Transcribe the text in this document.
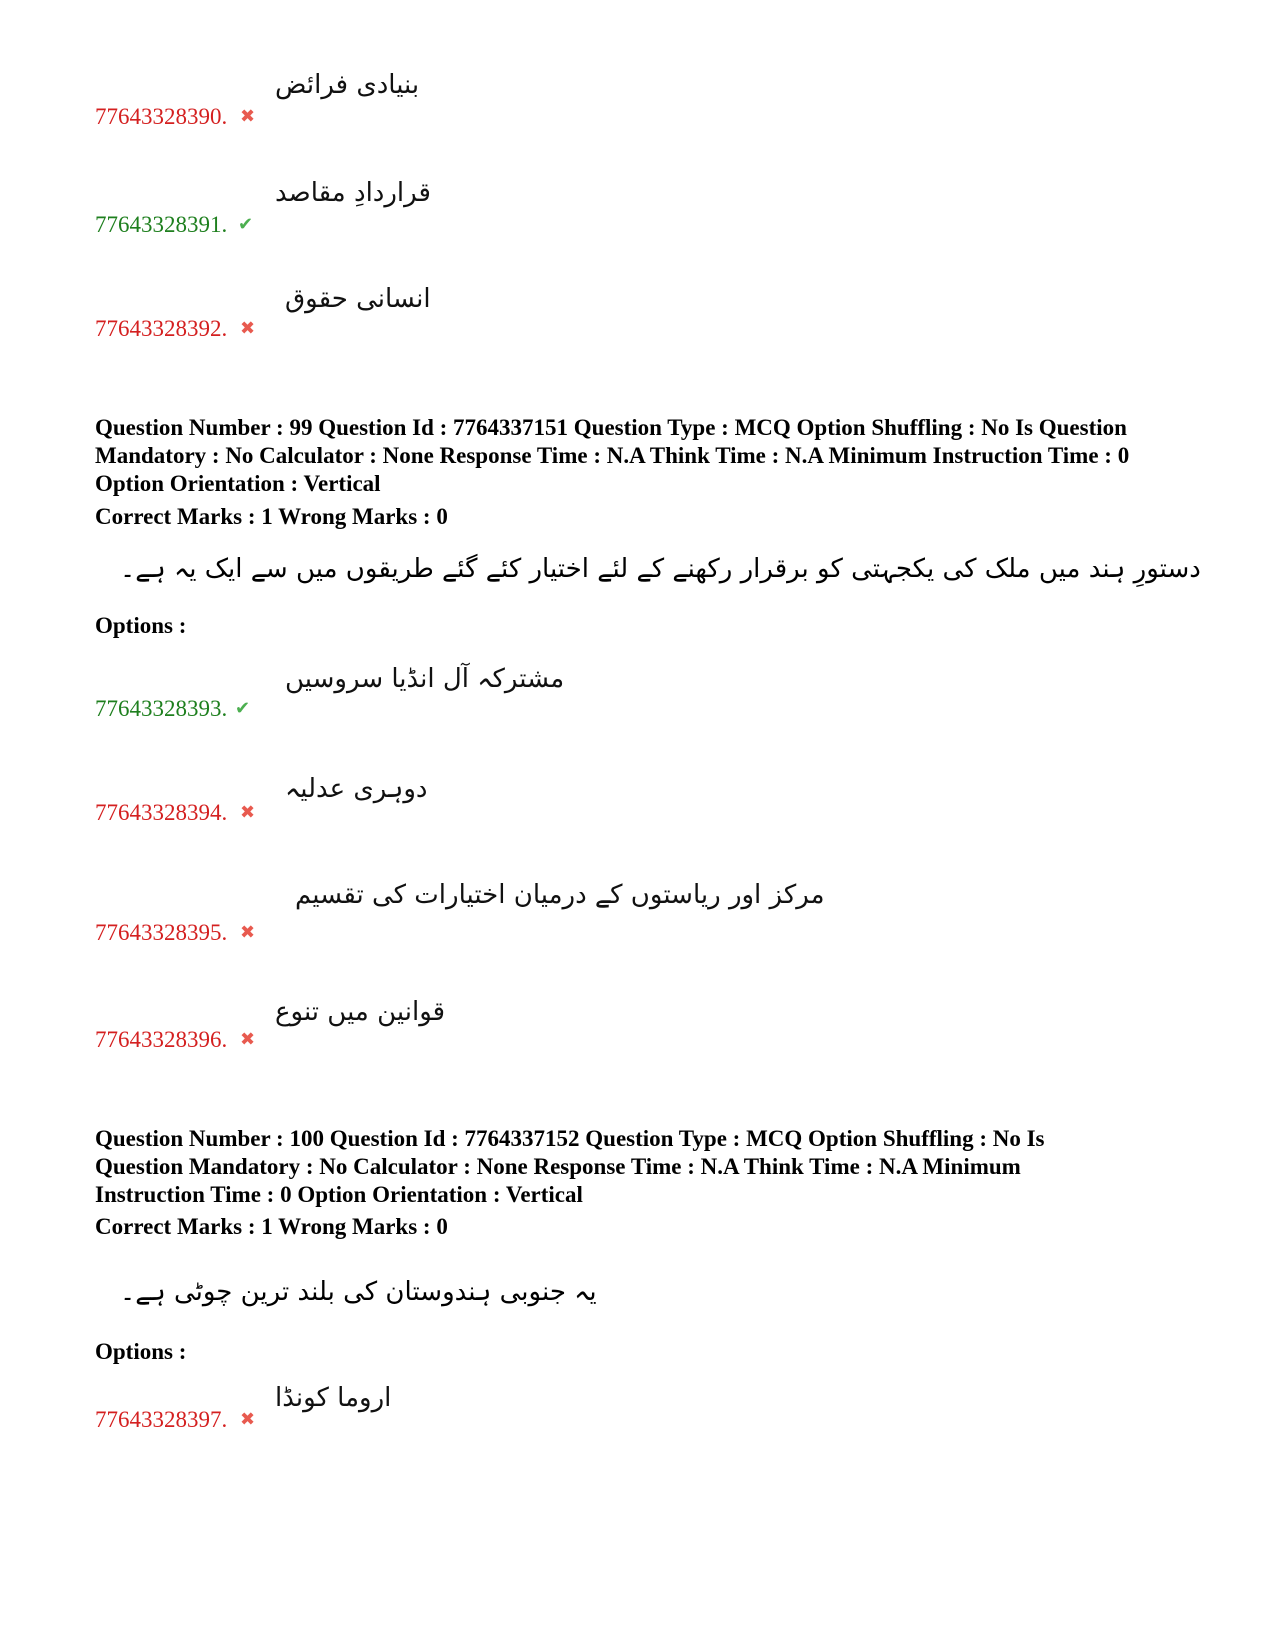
77643328390. ✖
بنیادی فرائض
77643328391. ✔
قراردادِ مقاصد
77643328392. ✖
انسانی حقوق
Question Number : 99 Question Id : 7764337151 Question Type : MCQ Option Shuffling : No Is Question Mandatory : No Calculator : None Response Time : N.A Think Time : N.A Minimum Instruction Time : 0 Option Orientation : Vertical
Correct Marks : 1 Wrong Marks : 0
دستورِ ہند میں ملک کی یکجہتی کو برقرار رکھنے کے لئے اختیار کئے گئے طریقوں میں سے ایک یہ ہے۔
Options :
77643328393. ✔
مشترکہ آل انڈیا سروسیں
77643328394. ✖
دوہری عدلیہ
77643328395. ✖
مرکز اور ریاستوں کے درمیان اختیارات کی تقسیم
77643328396. ✖
قوانین میں تنوع
Question Number : 100 Question Id : 7764337152 Question Type : MCQ Option Shuffling : No Is Question Mandatory : No Calculator : None Response Time : N.A Think Time : N.A Minimum Instruction Time : 0 Option Orientation : Vertical
Correct Marks : 1 Wrong Marks : 0
یہ جنوبی ہندوستان کی بلند ترین چوٹی ہے۔
Options :
77643328397. ✖
اروما کونڈا
